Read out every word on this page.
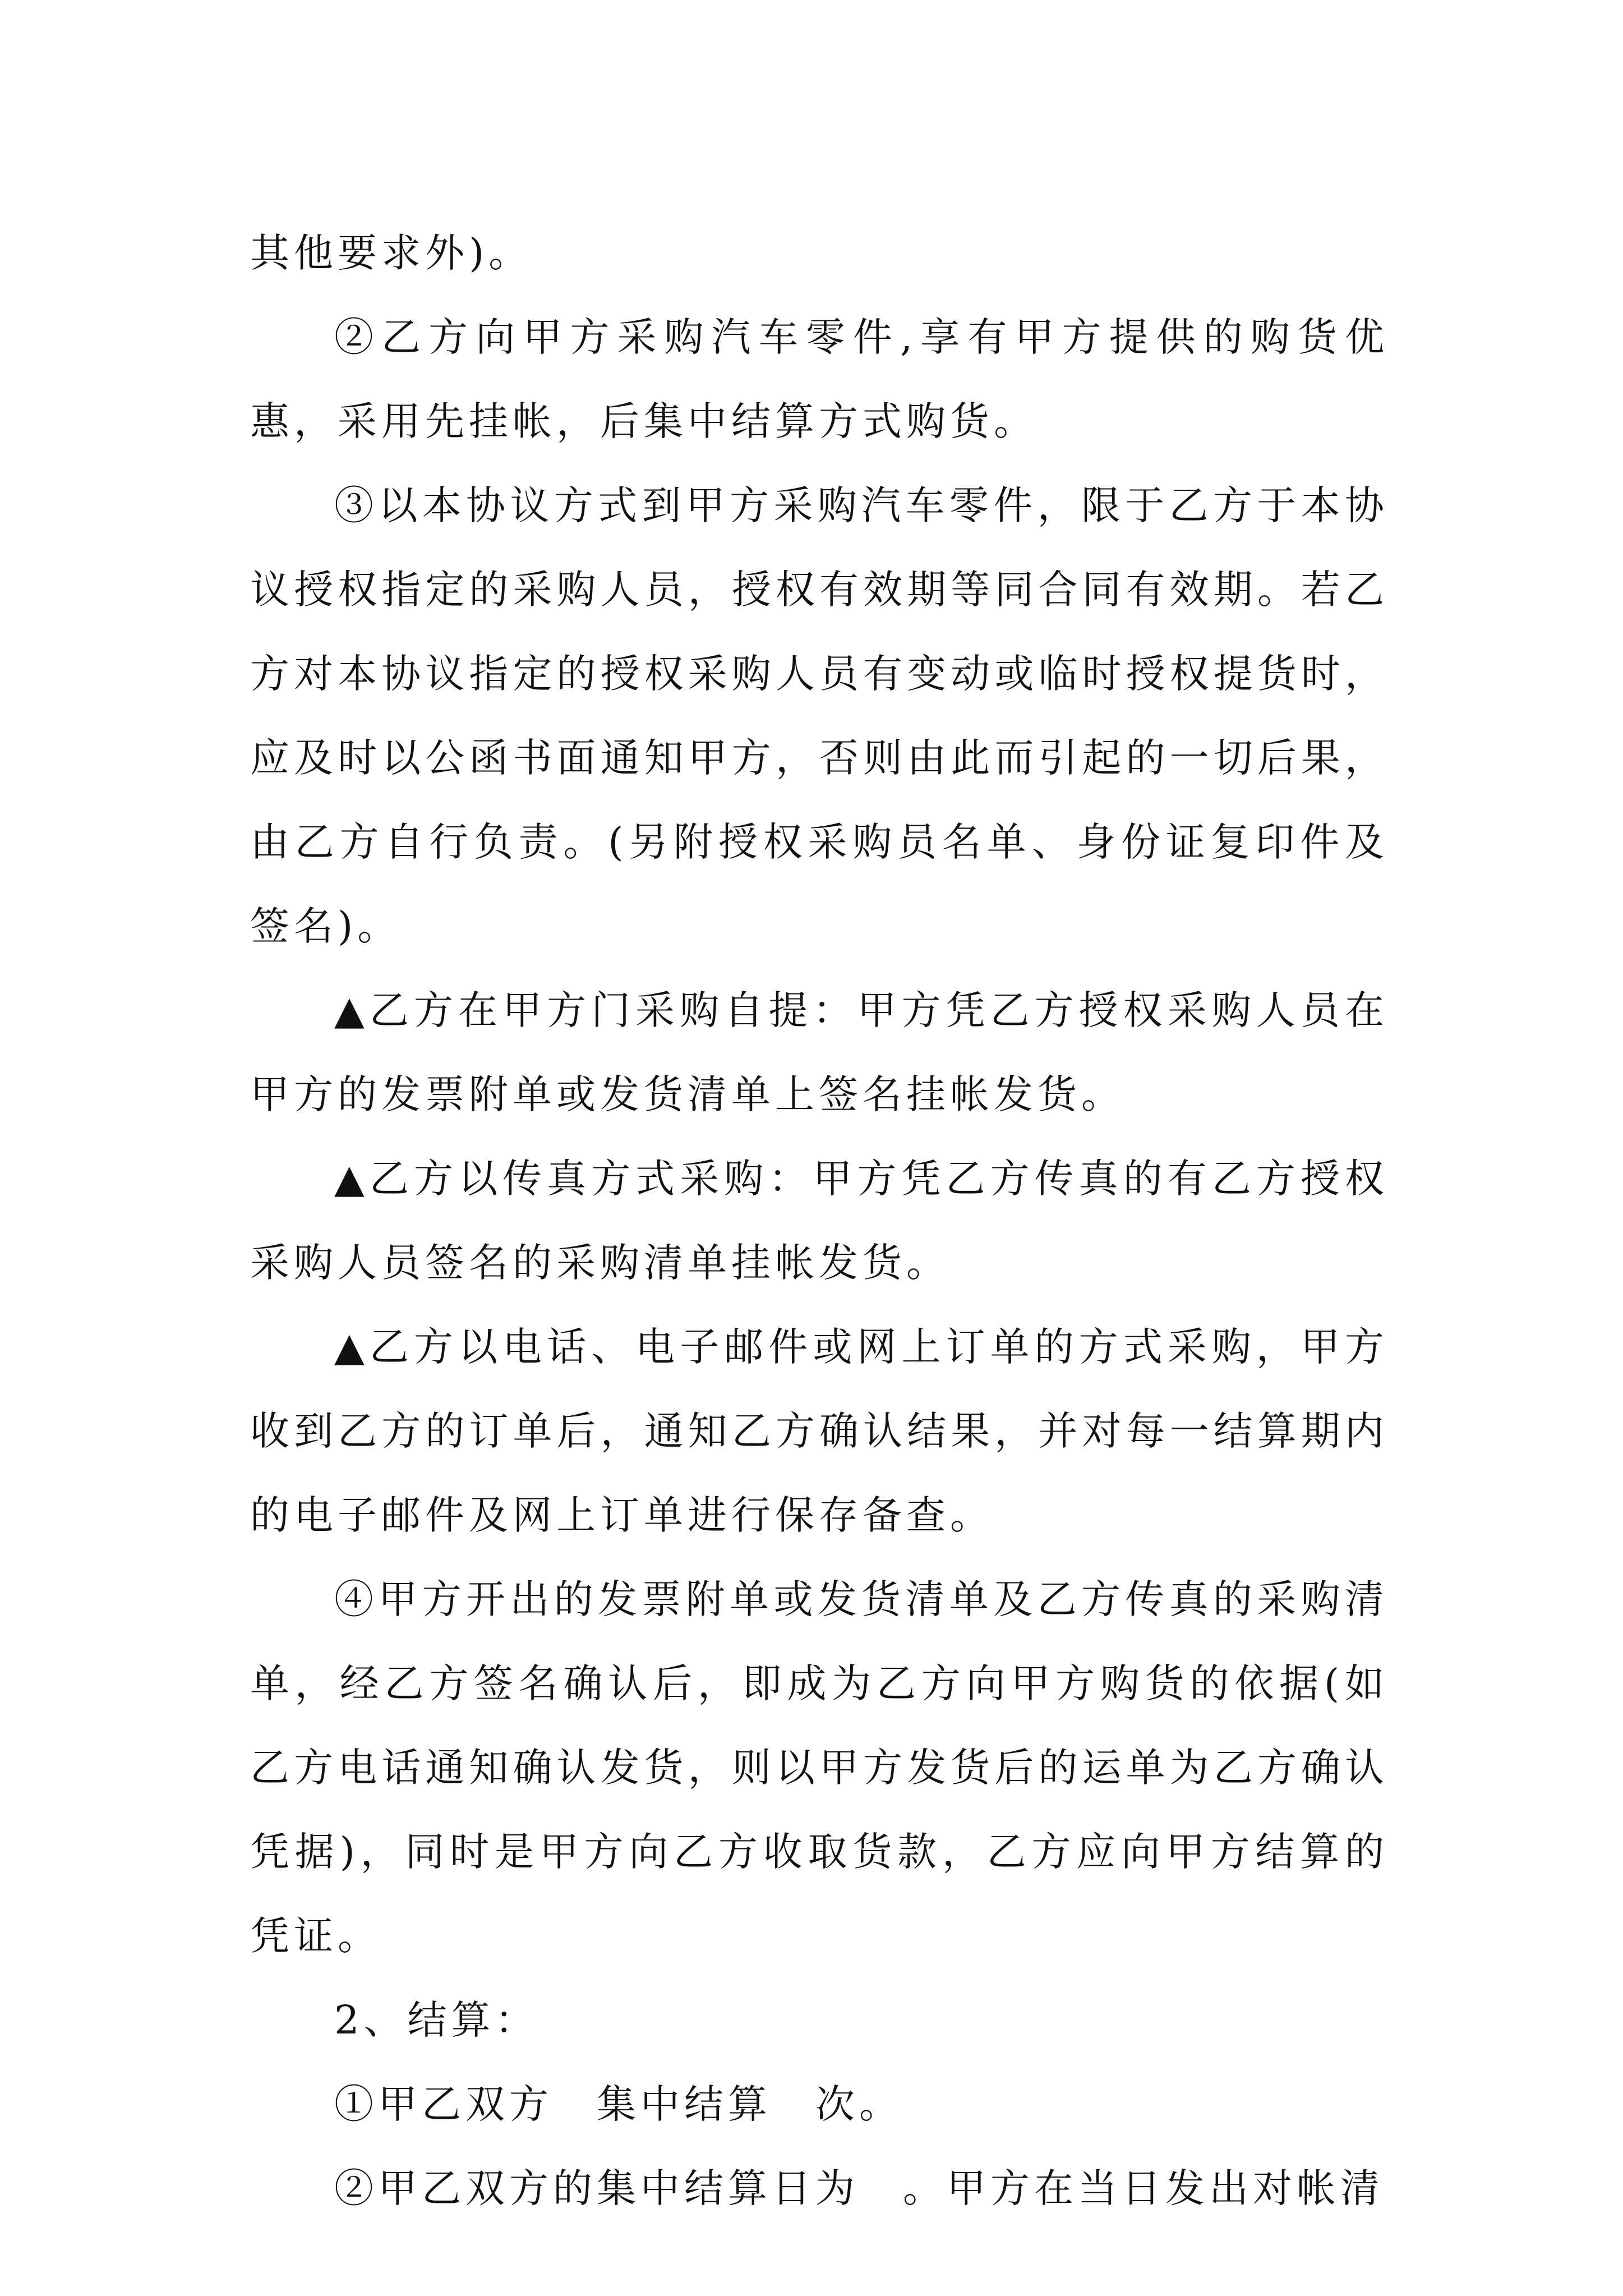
其他要求外)。

②乙方向甲方采购汽车零件,享有甲方提供的购货优惠，采用先挂帐，后集中结算方式购货。

③以本协议方式到甲方采购汽车零件，限于乙方于本协议授权指定的采购人员，授权有效期等同合同有效期。若乙方对本协议指定的授权采购人员有变动或临时授权提货时，应及时以公函书面通知甲方，否则由此而引起的一切后果，由乙方自行负责。(另附授权采购员名单、身份证复印件及签名)。

▲乙方在甲方门采购自提：甲方凭乙方授权采购人员在甲方的发票附单或发货清单上签名挂帐发货。

▲乙方以传真方式采购：甲方凭乙方传真的有乙方授权采购人员签名的采购清单挂帐发货。

▲乙方以电话、电子邮件或网上订单的方式采购，甲方收到乙方的订单后，通知乙方确认结果，并对每一结算期内的电子邮件及网上订单进行保存备查。

④甲方开出的发票附单或发货清单及乙方传真的采购清单，经乙方签名确认后，即成为乙方向甲方购货的依据(如乙方电话通知确认发货，则以甲方发货后的运单为乙方确认凭据)，同时是甲方向乙方收取货款，乙方应向甲方结算的凭证。

2、结算：

①甲乙双方　集中结算　次。

②甲乙双方的集中结算日为　。甲方在当日发出对帐清
